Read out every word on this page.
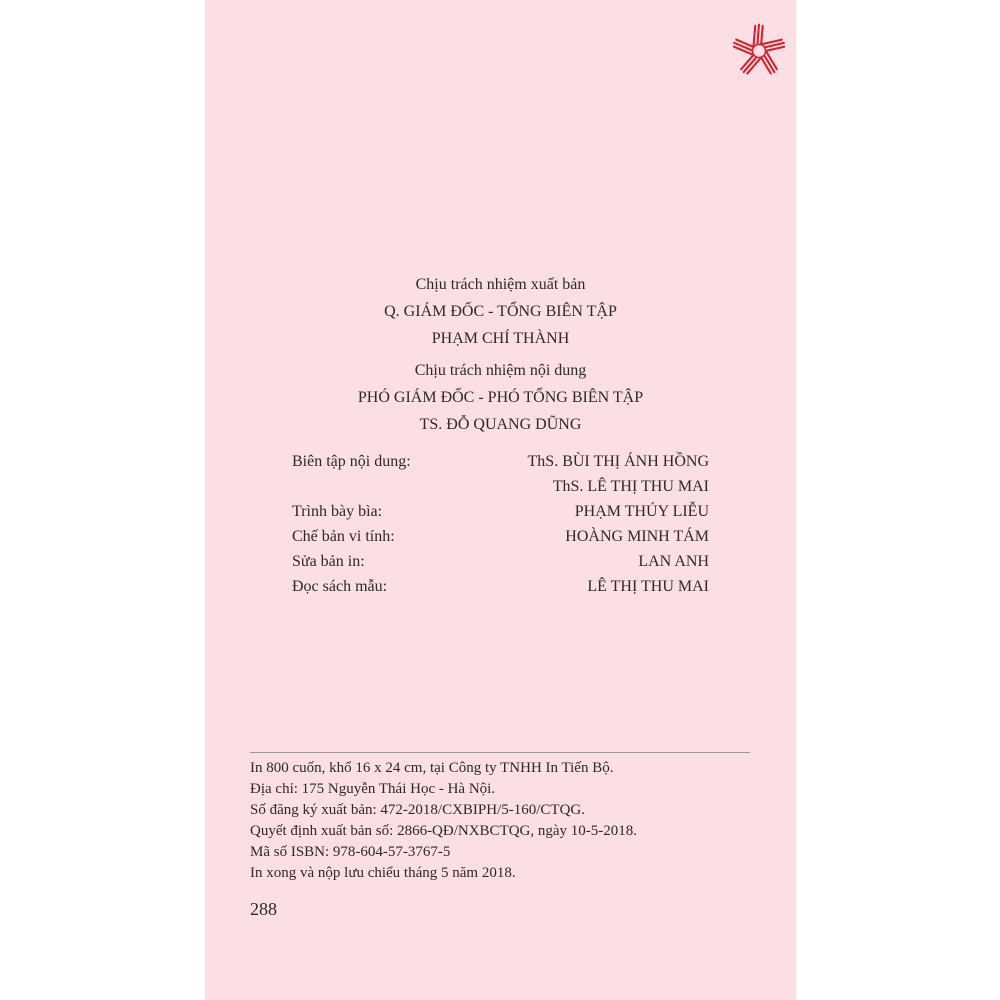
Chịu trách nhiệm xuất bản
Q. GIÁM ĐỐC - TỔNG BIÊN TẬP
PHẠM CHÍ THÀNH
Chịu trách nhiệm nội dung
PHÓ GIÁM ĐỐC - PHÓ TỔNG BIÊN TẬP
TS. ĐỖ QUANG DŨNG
Biên tập nội dung:	ThS. BÙI THỊ ÁNH HỒNG
ThS. LÊ THỊ THU MAI
Trình bày bìa:	PHẠM THÚY LIỄU
Chế bản vi tính:	HOÀNG MINH TÁM
Sửa bản in:	LAN ANH
Đọc sách mẫu:	LÊ THỊ THU MAI
In 800 cuốn, khổ 16 x 24 cm, tại Công ty TNHH In Tiến Bộ.
Địa chỉ: 175 Nguyễn Thái Học - Hà Nội.
Số đăng ký xuất bản: 472-2018/CXBIPH/5-160/CTQG.
Quyết định xuất bản số: 2866-QĐ/NXBCTQG, ngày 10-5-2018.
Mã số ISBN: 978-604-57-3767-5
In xong và nộp lưu chiểu tháng 5 năm 2018.
288
